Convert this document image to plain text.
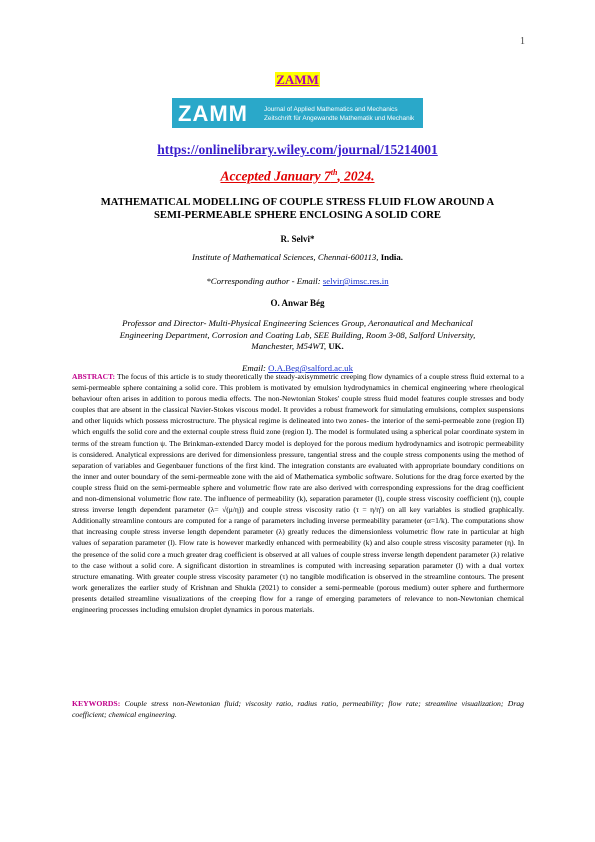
1
ZAMM
ZAMM	Journal of Applied Mathematics and Mechanics
Zeitschrift für Angewandte Mathematik und Mechanik
https://onlinelibrary.wiley.com/journal/15214001
Accepted January 7th, 2024.
MATHEMATICAL MODELLING OF COUPLE STRESS FLUID FLOW AROUND A
SEMI-PERMEABLE SPHERE ENCLOSING A SOLID CORE
R. Selvi*
Institute of Mathematical Sciences, Chennai-600113, India.
*Corresponding author - Email: selvir@imsc.res.in
O. Anwar Bég
Professor and Director- Multi-Physical Engineering Sciences Group, Aeronautical and Mechanical
Engineering Department, Corrosion and Coating Lab, SEE Building, Room 3-08, Salford University,
Manchester, M54WT, UK.
Email: O.A.Beg@salford.ac.uk
ABSTRACT: The focus of this article is to study theoretically the steady-axisymmetric creeping flow dynamics of a couple stress fluid external to a semi-permeable sphere containing a solid core. This problem is motivated by emulsion hydrodynamics in chemical engineering where rheological behaviour often arises in addition to porous media effects. The non-Newtonian Stokes' couple stress fluid model features couple stresses and body couples that are absent in the classical Navier-Stokes viscous model. It provides a robust framework for simulating emulsions, complex suspensions and other liquids which possess microstructure. The physical regime is delineated into two zones- the interior of the semi-permeable zone (region II) which engulfs the solid core and the external couple stress fluid zone (region I). The model is formulated using a spherical polar coordinate system in terms of the stream function ψ. The Brinkman-extended Darcy model is deployed for the porous medium hydrodynamics and isotropic permeability is considered. Analytical expressions are derived for dimensionless pressure, tangential stress and the couple stress components using the method of separation of variables and Gegenbauer functions of the first kind. The integration constants are evaluated with appropriate boundary conditions on the inner and outer boundary of the semi-permeable zone with the aid of Mathematica symbolic software. Solutions for the drag force exerted by the couple stress fluid on the semi-permeable sphere and volumetric flow rate are also derived with corresponding expressions for the drag coefficient and non-dimensional volumetric flow rate. The influence of permeability (k), separation parameter (l), couple stress viscosity coefficient (η), couple stress inverse length dependent parameter (λ= √(μ/η)) and couple stress viscosity ratio (τ = η/η') on all key variables is studied graphically. Additionally streamline contours are computed for a range of parameters including inverse permeability parameter (α=1/k). The computations show that increasing couple stress inverse length dependent parameter (λ) greatly reduces the dimensionless volumetric flow rate in particular at high values of separation parameter (l). Flow rate is however markedly enhanced with permeability (k) and also couple stress viscosity parameter (η). In the presence of the solid core a much greater drag coefficient is observed at all values of couple stress inverse length dependent parameter (λ) relative to the case without a solid core. A significant distortion in streamlines is computed with increasing separation parameter (l) with a dual vortex structure emanating. With greater couple stress viscosity parameter (τ) no tangible modification is observed in the streamline contours. The present work generalizes the earlier study of Krishnan and Shukla (2021) to consider a semi-permeable (porous medium) outer sphere and furthermore presents detailed streamline visualizations of the creeping flow for a range of emerging parameters of relevance to non-Newtonian chemical engineering processes including emulsion droplet dynamics in porous materials.
KEYWORDS: Couple stress non-Newtonian fluid; viscosity ratio, radius ratio, permeability; flow rate; streamline visualization; Drag coefficient; chemical engineering.
